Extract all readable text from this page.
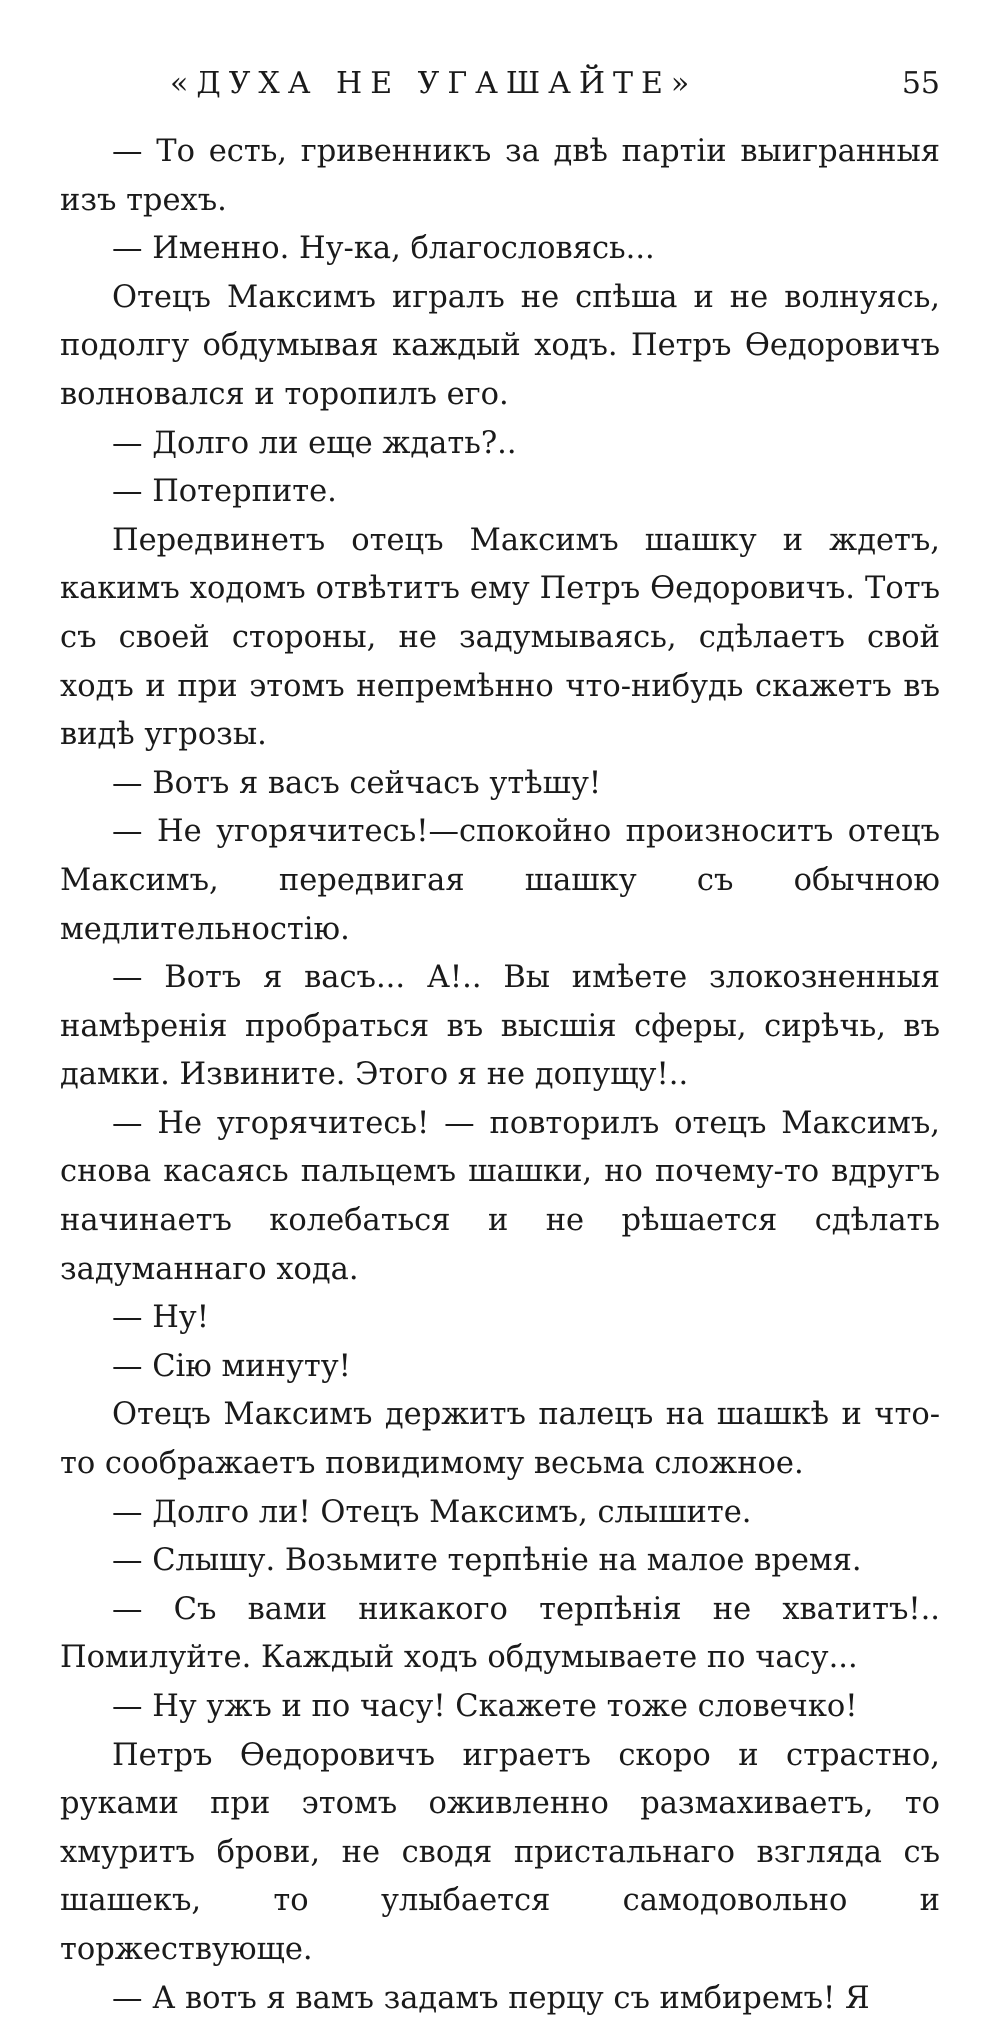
«ДУХА НЕ УГАШАЙТЕ»	55

— То есть, гривенникъ за двѣ партіи выигранныя изъ трехъ.

— Именно. Ну-ка, благословясь...

Отецъ Максимъ игралъ не спѣша и не волнуясь, подолгу обдумывая каждый ходъ. Петръ Ѳедоровичъ волновался и торопилъ его.

— Долго ли еще ждать?..

— Потерпите.

Передвинетъ отецъ Максимъ шашку и ждетъ, какимъ ходомъ отвѣтитъ ему Петръ Ѳедоровичъ. Тотъ съ своей стороны, не задумываясь, сдѣлаетъ свой ходъ и при этомъ непремѣнно что-нибудь скажетъ въ видѣ угрозы.

— Вотъ я васъ сейчасъ утѣшу!

— Не угорячитесь!—спокойно произноситъ отецъ Максимъ, передвигая шашку съ обычною медлительностію.

— Вотъ я васъ... А!.. Вы имѣете злокозненныя намѣренія пробраться въ высшія сферы, сирѣчь, въ дамки. Извините. Этого я не допущу!..

— Не угорячитесь! — повторилъ отецъ Максимъ, снова касаясь пальцемъ шашки, но почему-то вдругъ начинаетъ колебаться и не рѣшается сдѣлать задуманнаго хода.

— Ну!

— Сію минуту!

Отецъ Максимъ держитъ палецъ на шашкѣ и что-то соображаетъ повидимому весьма сложное.

— Долго ли! Отецъ Максимъ, слышите.

— Слышу. Возьмите терпѣніе на малое время.

— Съ вами никакого терпѣнія не хватитъ!.. Помилуйте. Каждый ходъ обдумываете по часу...

— Ну ужъ и по часу! Скажете тоже словечко!

Петръ Ѳедоровичъ играетъ скоро и страстно, руками при этомъ оживленно размахиваетъ, то хмуритъ брови, не сводя пристальнаго взгляда съ шашекъ, то улыбается самодовольно и торжествующе.

— А вотъ я вамъ задамъ перцу съ имбиремъ! Я
